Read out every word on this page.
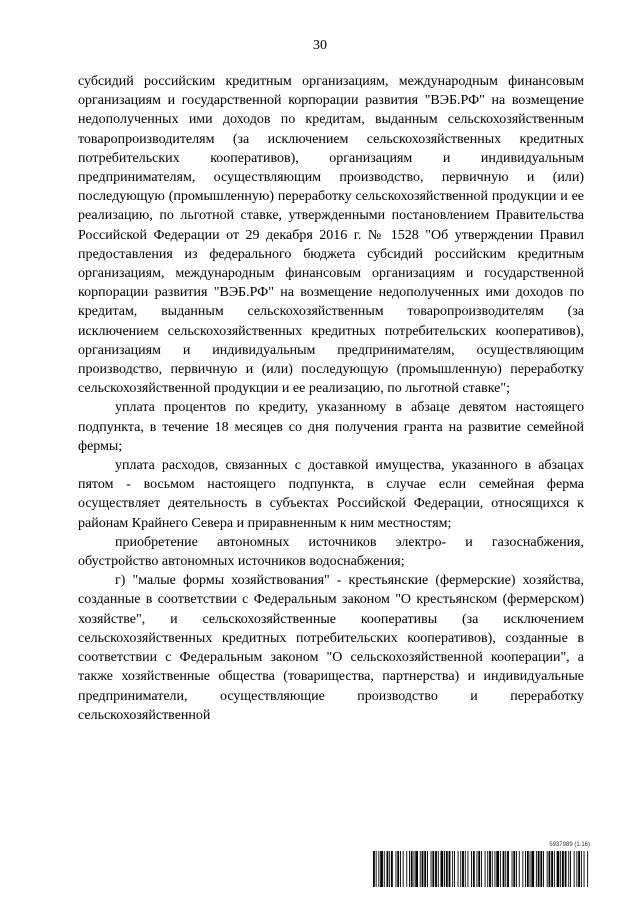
30

субсидий российским кредитным организациям, международным финансовым организациям и государственной корпорации развития "ВЭБ.РФ" на возмещение недополученных ими доходов по кредитам, выданным сельскохозяйственным товаропроизводителям (за исключением сельскохозяйственных кредитных потребительских кооперативов), организациям и индивидуальным предпринимателям, осуществляющим производство, первичную и (или) последующую (промышленную) переработку сельскохозяйственной продукции и ее реализацию, по льготной ставке, утвержденными постановлением Правительства Российской Федерации от 29 декабря 2016 г. № 1528 "Об утверждении Правил предоставления из федерального бюджета субсидий российским кредитным организациям, международным финансовым организациям и государственной корпорации развития "ВЭБ.РФ" на возмещение недополученных ими доходов по кредитам, выданным сельскохозяйственным товаропроизводителям (за исключением сельскохозяйственных кредитных потребительских кооперативов), организациям и индивидуальным предпринимателям, осуществляющим производство, первичную и (или) последующую (промышленную) переработку сельскохозяйственной продукции и ее реализацию, по льготной ставке";

уплата процентов по кредиту, указанному в абзаце девятом настоящего подпункта, в течение 18 месяцев со дня получения гранта на развитие семейной фермы;

уплата расходов, связанных с доставкой имущества, указанного в абзацах пятом - восьмом настоящего подпункта, в случае если семейная ферма осуществляет деятельность в субъектах Российской Федерации, относящихся к районам Крайнего Севера и приравненным к ним местностям;

приобретение автономных источников электро- и газоснабжения, обустройство автономных источников водоснабжения;

г) "малые формы хозяйствования" - крестьянские (фермерские) хозяйства, созданные в соответствии с Федеральным законом "О крестьянском (фермерском) хозяйстве", и сельскохозяйственные кооперативы (за исключением сельскохозяйственных кредитных потребительских кооперативов), созданные в соответствии с Федеральным законом "О сельскохозяйственной кооперации", а также хозяйственные общества (товарищества, партнерства) и индивидуальные предприниматели, осуществляющие производство и переработку сельскохозяйственной

5937989 (1.16)
